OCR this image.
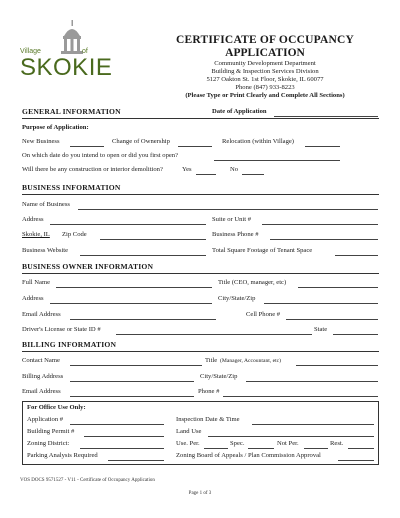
Village	of
SKOKIE
CERTIFICATE OF OCCUPANCY
APPLICATION
Community Development Department
Building & Inspection Services Division
5127 Oakton St. 1st Floor, Skokie, IL 60077
Phone (847) 933-8223
(Please Type or Print Clearly and Complete All Sections)
GENERAL INFORMATION	Date of Application
Purpose of Application:
New Business	Change of Ownership	Relocation (within Village)
On which date do you intend to open or did you first open?
Will there be any construction or interior demolition?	Yes	No
BUSINESS INFORMATION
Name of Business
Address	Suite or Unit #
Skokie, IL Zip Code	Business Phone #
Business Website	Total Square Footage of Tenant Space
BUSINESS OWNER INFORMATION
Full Name	Title (CEO, manager, etc)
Address	City/State/Zip
Email Address	Cell Phone #
Driver's License or State ID #	State
BILLING INFORMATION
Contact Name	Title (Manager, Accountant, etc)
Billing Address	City/State/Zip
Email Address	Phone #
For Office Use Only:
Application #	Inspection Date & Time
Building Permit #	Land Use
Zoning District:	Use. Per.	Spec.	Not Per.	Rest.
Parking Analysis Required	Zoning Board of Appeals / Plan Commission Approval
VOS DOCS 9571527 - V11 - Certificate of Occupancy Application
Page 1 of 3
